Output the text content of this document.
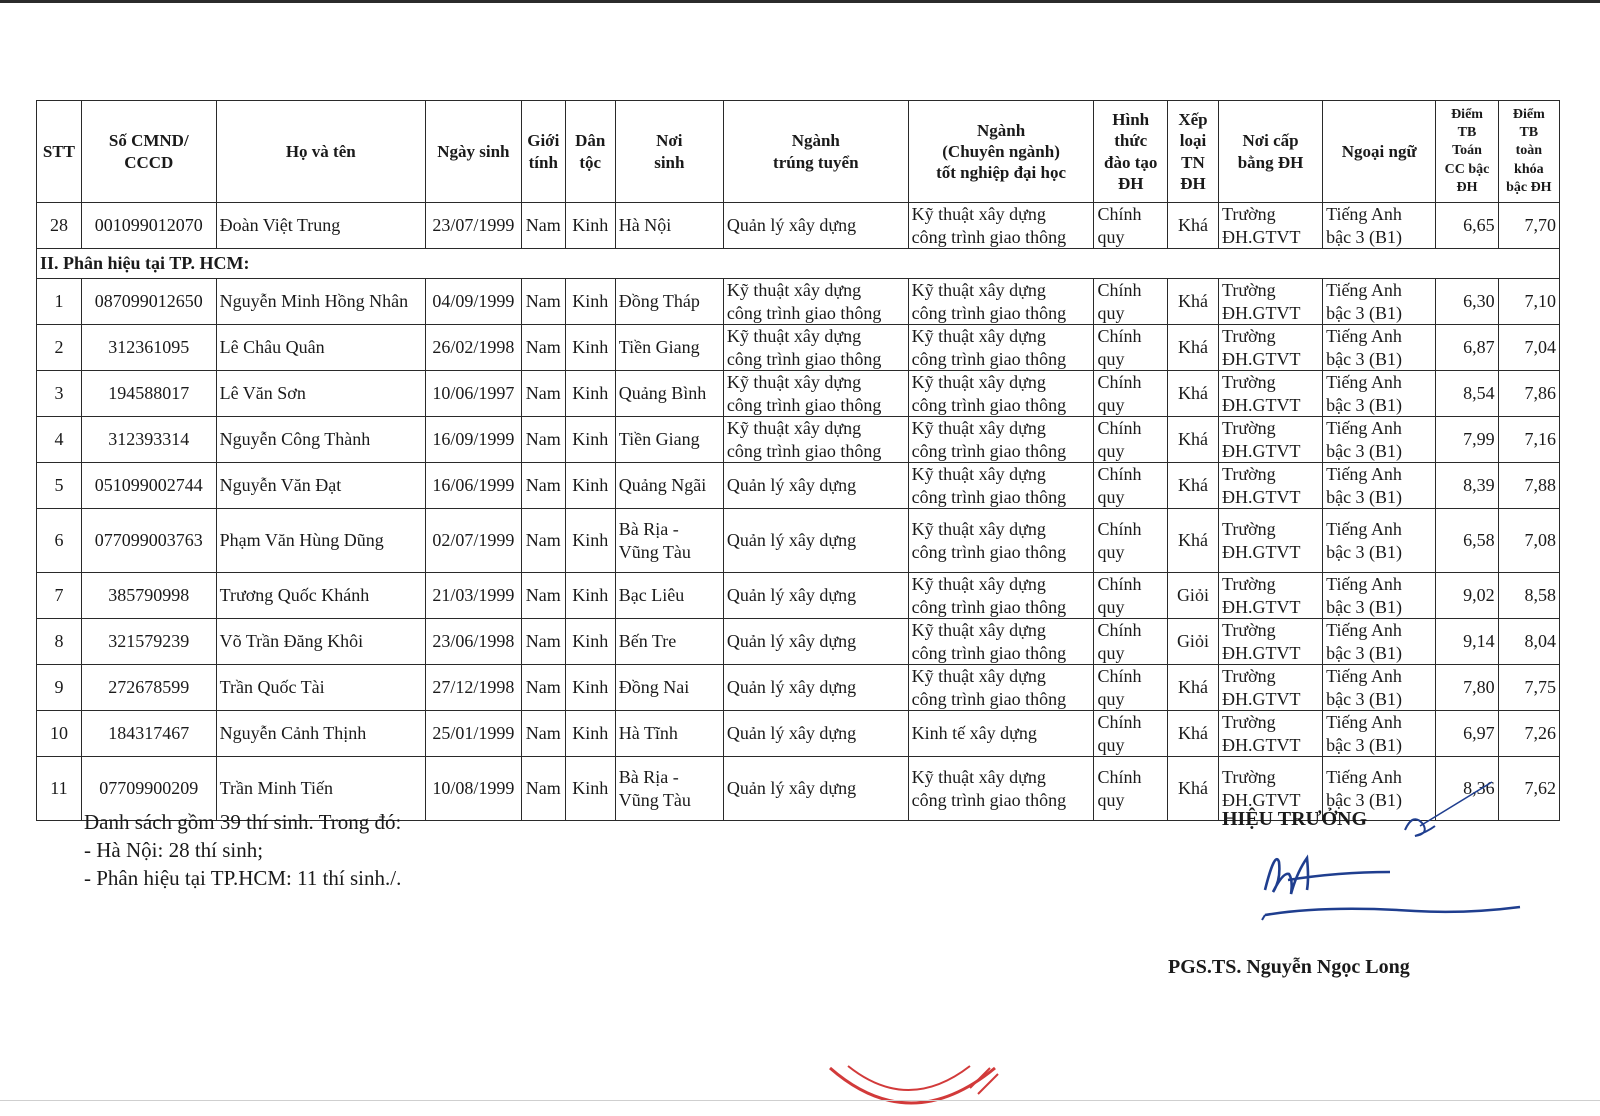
STT	Số CMND/
CCCD	Họ và tên	Ngày sinh	Giới
tính	Dân
tộc	Nơi
sinh	Ngành
trúng tuyển	Ngành
(Chuyên ngành)
tốt nghiệp đại học	Hình
thức
đào tạo
ĐH	Xếp
loại
TN
ĐH	Nơi cấp
bằng ĐH	Ngoại ngữ	Điểm
TB
Toán
CC bậc
ĐH	Điểm
TB
toàn
khóa
bậc ĐH
28	001099012070	Đoàn Việt Trung	23/07/1999	Nam	Kinh	Hà Nội	Quản lý xây dựng	Kỹ thuật xây dựng
công trình giao thông	Chính
quy	Khá	Trường
ĐH.GTVT	Tiếng Anh
bậc 3 (B1)	6,65	7,70
II. Phân hiệu tại TP. HCM:														
1	087099012650	Nguyễn Minh Hồng Nhân	04/09/1999	Nam	Kinh	Đồng Tháp	Kỹ thuật xây dựng
công trình giao thông	Kỹ thuật xây dựng
công trình giao thông	Chính
quy	Khá	Trường
ĐH.GTVT	Tiếng Anh
bậc 3 (B1)	6,30	7,10
2	312361095	Lê Châu Quân	26/02/1998	Nam	Kinh	Tiền Giang	Kỹ thuật xây dựng
công trình giao thông	Kỹ thuật xây dựng
công trình giao thông	Chính
quy	Khá	Trường
ĐH.GTVT	Tiếng Anh
bậc 3 (B1)	6,87	7,04
3	194588017	Lê Văn Sơn	10/06/1997	Nam	Kinh	Quảng Bình	Kỹ thuật xây dựng
công trình giao thông	Kỹ thuật xây dựng
công trình giao thông	Chính
quy	Khá	Trường
ĐH.GTVT	Tiếng Anh
bậc 3 (B1)	8,54	7,86
4	312393314	Nguyễn Công Thành	16/09/1999	Nam	Kinh	Tiền Giang	Kỹ thuật xây dựng
công trình giao thông	Kỹ thuật xây dựng
công trình giao thông	Chính
quy	Khá	Trường
ĐH.GTVT	Tiếng Anh
bậc 3 (B1)	7,99	7,16
5	051099002744	Nguyễn Văn Đạt	16/06/1999	Nam	Kinh	Quảng Ngãi	Quản lý xây dựng	Kỹ thuật xây dựng
công trình giao thông	Chính
quy	Khá	Trường
ĐH.GTVT	Tiếng Anh
bậc 3 (B1)	8,39	7,88
6	077099003763	Phạm Văn Hùng Dũng	02/07/1999	Nam	Kinh	Bà Rịa -
Vũng Tàu	Quản lý xây dựng	Kỹ thuật xây dựng
công trình giao thông	Chính
quy	Khá	Trường
ĐH.GTVT	Tiếng Anh
bậc 3 (B1)	6,58	7,08
7	385790998	Trương Quốc Khánh	21/03/1999	Nam	Kinh	Bạc Liêu	Quản lý xây dựng	Kỹ thuật xây dựng
công trình giao thông	Chính
quy	Giỏi	Trường
ĐH.GTVT	Tiếng Anh
bậc 3 (B1)	9,02	8,58
8	321579239	Võ Trần Đăng Khôi	23/06/1998	Nam	Kinh	Bến Tre	Quản lý xây dựng	Kỹ thuật xây dựng
công trình giao thông	Chính
quy	Giỏi	Trường
ĐH.GTVT	Tiếng Anh
bậc 3 (B1)	9,14	8,04
9	272678599	Trần Quốc Tài	27/12/1998	Nam	Kinh	Đồng Nai	Quản lý xây dựng	Kỹ thuật xây dựng
công trình giao thông	Chính
quy	Khá	Trường
ĐH.GTVT	Tiếng Anh
bậc 3 (B1)	7,80	7,75
10	184317467	Nguyễn Cảnh Thịnh	25/01/1999	Nam	Kinh	Hà Tĩnh	Quản lý xây dựng	Kinh tế xây dựng	Chính
quy	Khá	Trường
ĐH.GTVT	Tiếng Anh
bậc 3 (B1)	6,97	7,26
11	07709900209	Trần Minh Tiến	10/08/1999	Nam	Kinh	Bà Rịa -
Vũng Tàu	Quản lý xây dựng	Kỹ thuật xây dựng
công trình giao thông	Chính
quy	Khá	Trường
ĐH.GTVT	Tiếng Anh
bậc 3 (B1)	8,36	7,62
Danh sách gồm 39 thí sinh. Trong đó:
- Hà Nội: 28 thí sinh;
- Phân hiệu tại TP.HCM: 11 thí sinh./.
HIỆU TRƯỞNG
PGS.TS. Nguyễn Ngọc Long
